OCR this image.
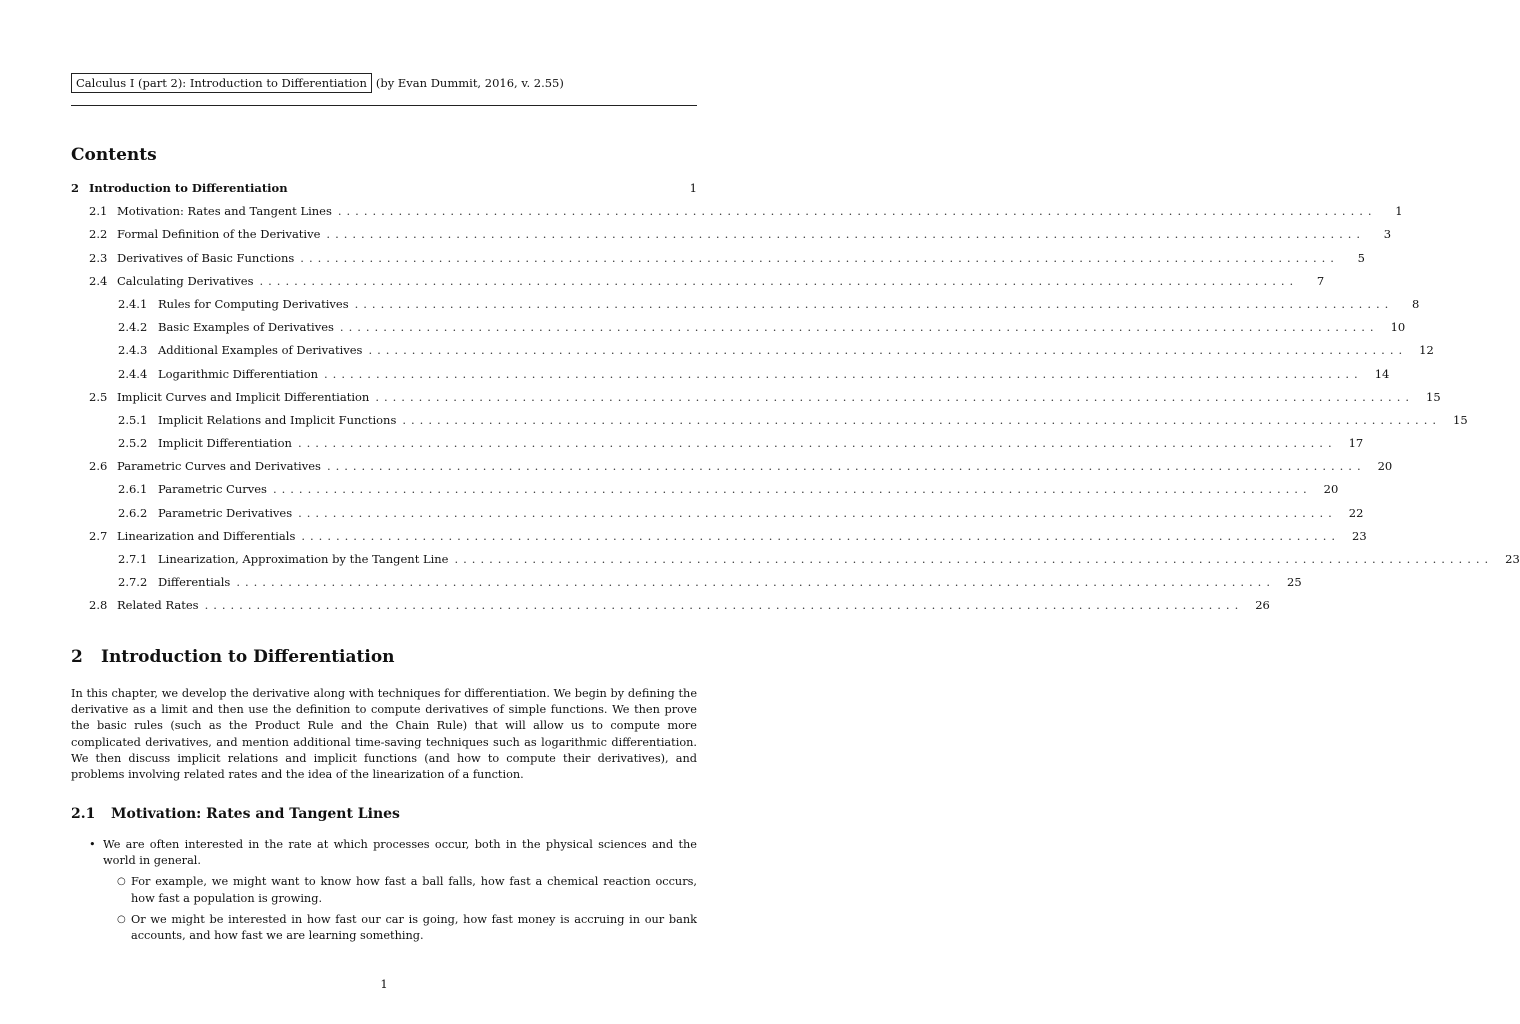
Calculus I (part 2): Introduction to Differentiation (by Evan Dummit, 2016, v. 2.55)
Contents
2 Introduction to Differentiation	1
2.1 Motivation: Rates and Tangent Lines ........................................................................................................................	1
2.2 Formal Definition of the Derivative ........................................................................................................................	3
2.3 Derivatives of Basic Functions ........................................................................................................................	5
2.4 Calculating Derivatives ........................................................................................................................	7
2.4.1 Rules for Computing Derivatives ........................................................................................................................	8
2.4.2 Basic Examples of Derivatives ........................................................................................................................	10
2.4.3 Additional Examples of Derivatives ........................................................................................................................	12
2.4.4 Logarithmic Differentiation ........................................................................................................................	14
2.5 Implicit Curves and Implicit Differentiation ........................................................................................................................	15
2.5.1 Implicit Relations and Implicit Functions ........................................................................................................................	15
2.5.2 Implicit Differentiation ........................................................................................................................	17
2.6 Parametric Curves and Derivatives ........................................................................................................................	20
2.6.1 Parametric Curves ........................................................................................................................	20
2.6.2 Parametric Derivatives ........................................................................................................................	22
2.7 Linearization and Differentials ........................................................................................................................	23
2.7.1 Linearization, Approximation by the Tangent Line ........................................................................................................................	23
2.7.2 Differentials ........................................................................................................................	25
2.8 Related Rates ........................................................................................................................	26
2 Introduction to Differentiation
In this chapter, we develop the derivative along with techniques for differentiation. We begin by defining the derivative as a limit and then use the definition to compute derivatives of simple functions. We then prove the basic rules (such as the Product Rule and the Chain Rule) that will allow us to compute more complicated derivatives, and mention additional time-saving techniques such as logarithmic differentiation. We then discuss implicit relations and implicit functions (and how to compute their derivatives), and problems involving related rates and the idea of the linearization of a function.
2.1 Motivation: Rates and Tangent Lines
• We are often interested in the rate at which processes occur, both in the physical sciences and the world in general.
○ For example, we might want to know how fast a ball falls, how fast a chemical reaction occurs, how fast a population is growing.
○ Or we might be interested in how fast our car is going, how fast money is accruing in our bank accounts, and how fast we are learning something.
1
